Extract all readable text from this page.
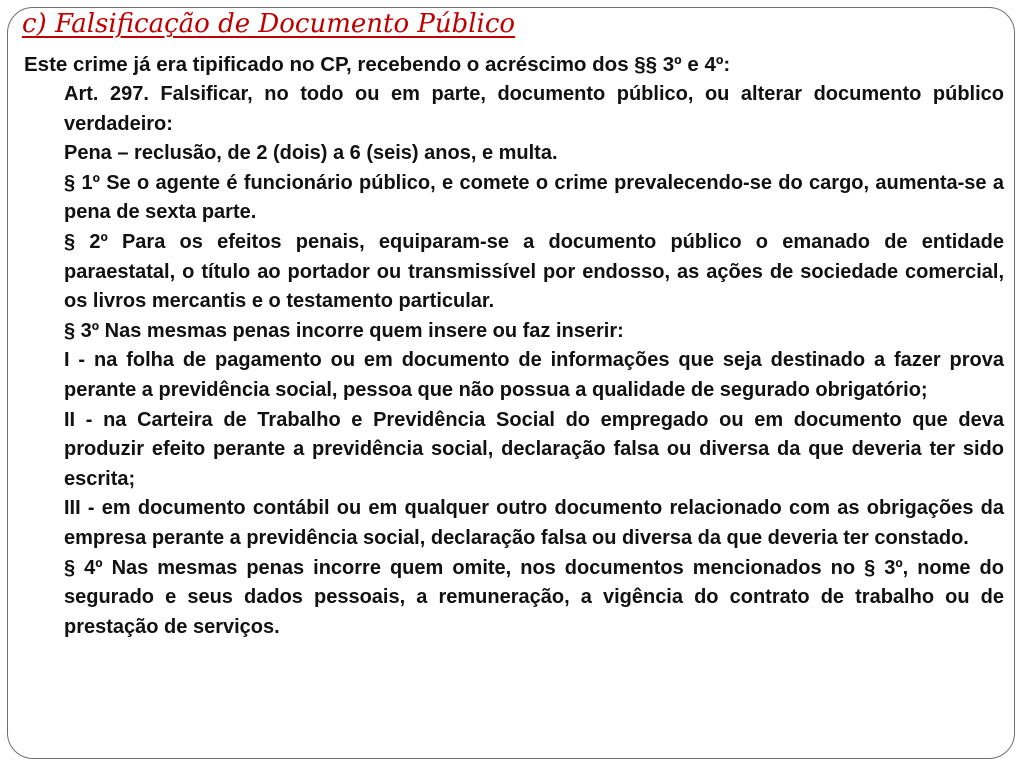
c) Falsificação de Documento Público

Este crime já era tipificado no CP, recebendo o acréscimo dos §§ 3º e 4º:

Art. 297. Falsificar, no todo ou em parte, documento público, ou alterar documento público verdadeiro:

Pena – reclusão, de 2 (dois) a 6 (seis) anos, e multa.

§ 1º Se o agente é funcionário público, e comete o crime prevalecendo-se do cargo, aumenta-se a pena de sexta parte.

§ 2º Para os efeitos penais, equiparam-se a documento público o emanado de entidade paraestatal, o título ao portador ou transmissível por endosso, as ações de sociedade comercial, os livros mercantis e o testamento particular.

§ 3º Nas mesmas penas incorre quem insere ou faz inserir:

I - na folha de pagamento ou em documento de informações que seja destinado a fazer prova perante a previdência social, pessoa que não possua a qualidade de segurado obrigatório;

II - na Carteira de Trabalho e Previdência Social do empregado ou em documento que deva produzir efeito perante a previdência social, declaração falsa ou diversa da que deveria ter sido escrita;

III - em documento contábil ou em qualquer outro documento relacionado com as obrigações da empresa perante a previdência social, declaração falsa ou diversa da que deveria ter constado.

§ 4º Nas mesmas penas incorre quem omite, nos documentos mencionados no § 3º, nome do segurado e seus dados pessoais, a remuneração, a vigência do contrato de trabalho ou de prestação de serviços.
